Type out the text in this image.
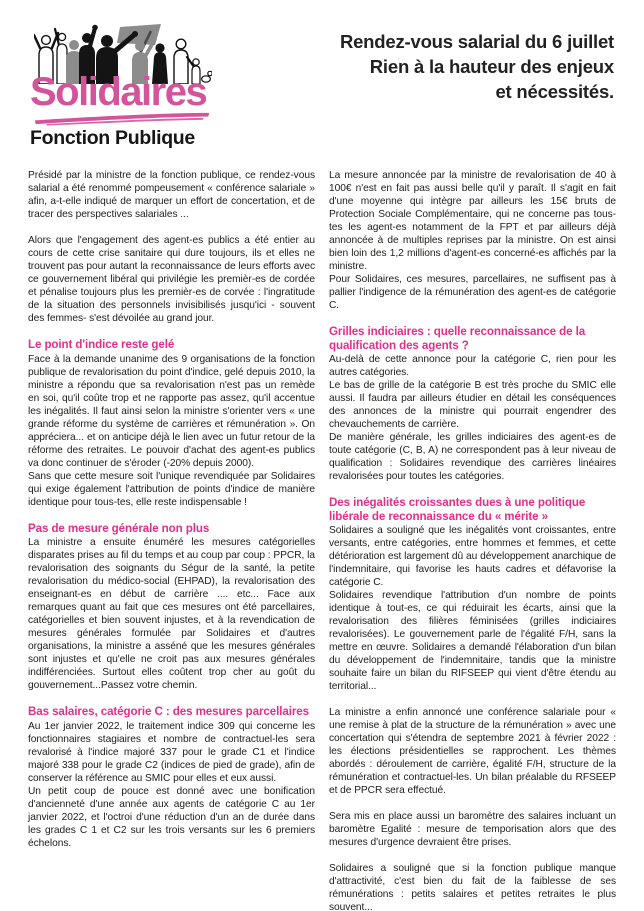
Solidaires
Fonction Publique
Rendez-vous salarial du 6 juillet
Rien à la hauteur des enjeux
et nécessités.

Présidé par la ministre de la fonction publique, ce rendez-vous salarial a été renommé pompeusement « conférence salariale » afin, a-t-elle indiqué de marquer un effort de concertation, et de tracer des perspectives salariales ...

Alors que l'engagement des agent-es publics a été entier au cours de cette crise sanitaire qui dure toujours, ils et elles ne trouvent pas pour autant la reconnaissance de leurs efforts avec ce gouvernement libéral qui privilégie les premièr-es de cordée et pénalise toujours plus les premièr-es de corvée : l'ingratitude de la situation des personnels invisibilisés jusqu'ici - souvent des femmes- s'est dévoilée au grand jour.

Le point d'indice reste gelé

Face à la demande unanime des 9 organisations de la fonction publique de revalorisation du point d'indice, gelé depuis 2010, la ministre a répondu que sa revalorisation n'est pas un remède en soi, qu'il coûte trop et ne rapporte pas assez, qu'il accentue les inégalités. Il faut ainsi selon la ministre s'orienter vers « une grande réforme du système de carrières et rémunération ». On appréciera... et on anticipe déjà le lien avec un futur retour de la réforme des retraites. Le pouvoir d'achat des agent-es publics va donc continuer de s'éroder (-20% depuis 2000).

Sans que cette mesure soit l'unique revendiquée par Solidaires qui exige également l'attribution de points d'indice de manière identique pour tous-tes, elle reste indispensable !

Pas de mesure générale non plus

La ministre a ensuite énuméré les mesures catégorielles disparates prises au fil du temps et au coup par coup : PPCR, la revalorisation des soignants du Ségur de la santé, la petite revalorisation du médico-social (EHPAD), la revalorisation des enseignant-es en début de carrière .... etc... Face aux remarques quant au fait que ces mesures ont été parcellaires, catégorielles et bien souvent injustes, et à la revendication de mesures générales formulée par Solidaires et d'autres organisations, la ministre a asséné que les mesures générales sont injustes et qu'elle ne croit pas aux mesures générales indifférenciées. Surtout elles coûtent trop cher au goût du gouvernement...Passez votre chemin.

Bas salaires, catégorie C : des mesures parcellaires

Au 1er janvier 2022, le traitement indice 309 qui concerne les fonctionnaires stagiaires et nombre de contractuel-les sera revalorisé à l'indice majoré 337 pour le grade C1 et l'indice majoré 338 pour le grade C2 (indices de pied de grade), afin de conserver la référence au SMIC pour elles et eux aussi.

Un petit coup de pouce est donné avec une bonification d'ancienneté d'une année aux agents de catégorie C au 1er janvier 2022, et l'octroi d'une réduction d'un an de durée dans les grades C 1 et C2 sur les trois versants sur les 6 premiers échelons.

La mesure annoncée par la ministre de revalorisation de 40 à 100€ n'est en fait pas aussi belle qu'il y paraît. Il s'agit en fait d'une moyenne qui intègre par ailleurs les 15€ bruts de Protection Sociale Complémentaire, qui ne concerne pas tous-tes les agent-es notamment de la FPT et par ailleurs déjà annoncée à de multiples reprises par la ministre. On est ainsi bien loin des 1,2 millions d'agent-es concerné-es affichés par la ministre.

Pour Solidaires, ces mesures, parcellaires, ne suffisent pas à pallier l'indigence de la rémunération des agent-es de catégorie C.

Grilles indiciaires : quelle reconnaissance de la qualification des agents ?

Au-delà de cette annonce pour la catégorie C, rien pour les autres catégories.

Le bas de grille de la catégorie B est très proche du SMIC elle aussi. Il faudra par ailleurs étudier en détail les conséquences des annonces de la ministre qui pourrait engendrer des chevauchements de carrière.

De manière générale, les grilles indiciaires des agent-es de toute catégorie (C, B, A) ne correspondent pas à leur niveau de qualification : Solidaires revendique des carrières linéaires revalorisées pour toutes les catégories.

Des inégalités croissantes dues à une politique libérale de reconnaissance du « mérite »

Solidaires a souligné que les inégalités vont croissantes, entre versants, entre catégories, entre hommes et femmes, et cette détérioration est largement dû au développement anarchique de l'indemnitaire, qui favorise les hauts cadres et défavorise la catégorie C.

Solidaires revendique l'attribution d'un nombre de points identique à tout-es, ce qui réduirait les écarts, ainsi que la revalorisation des filières féminisées (grilles indiciaires revalorisées). Le gouvernement parle de l'égalité F/H, sans la mettre en œuvre. Solidaires a demandé l'élaboration d'un bilan du développement de l'indemnitaire, tandis que la ministre souhaite faire un bilan du RIFSEEP qui vient d'être étendu au territorial...

La ministre a enfin annoncé une conférence salariale pour « une remise à plat de la structure de la rémunération » avec une concertation qui s'étendra de septembre 2021 à février 2022 : les élections présidentielles se rapprochent. Les thèmes abordés : déroulement de carrière, égalité F/H, structure de la rémunération et contractuel-les. Un bilan préalable du RFSEEP et de PPCR sera effectué.

Sera mis en place aussi un baromètre des salaires incluant un baromètre Egalité : mesure de temporisation alors que des mesures d'urgence devraient être prises.

Solidaires a souligné que si la fonction publique manque d'attractivité, c'est bien du fait de la faiblesse de ses rémunérations : petits salaires et petites retraites le plus souvent...
